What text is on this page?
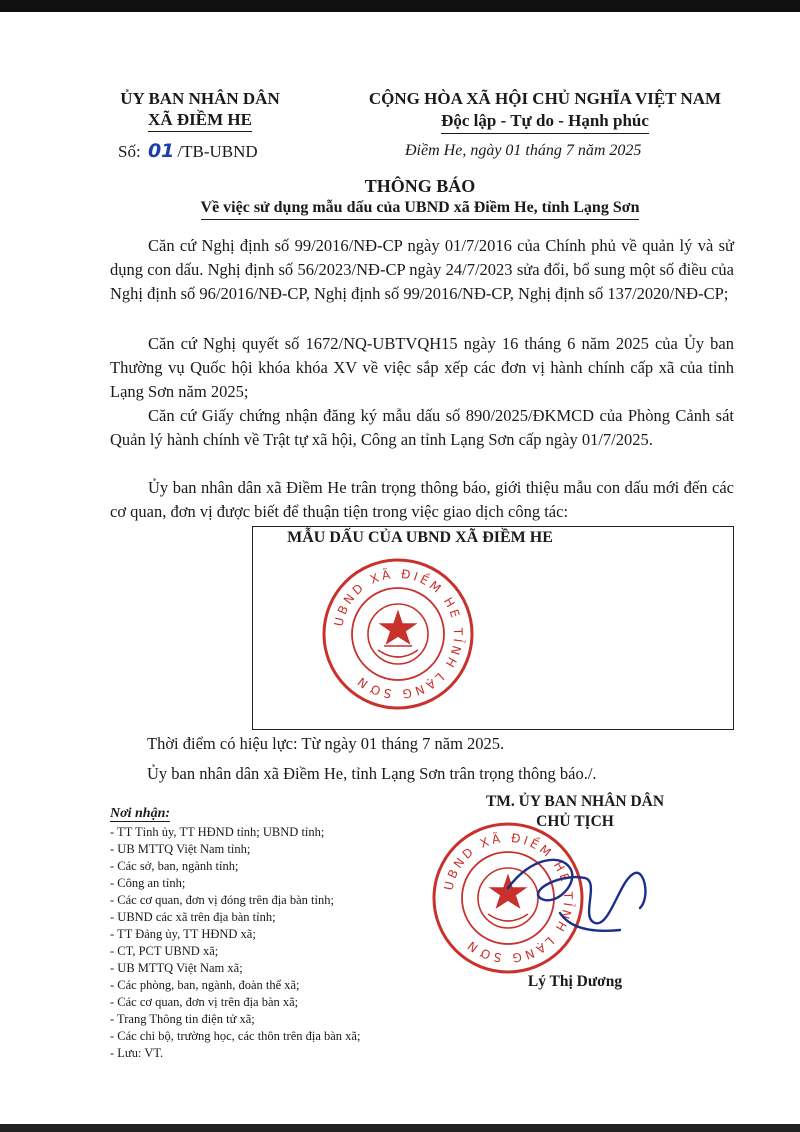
ỦY BAN NHÂN DÂN
XÃ ĐIỀM HE
CỘNG HÒA XÃ HỘI CHỦ NGHĨA VIỆT NAM
Độc lập - Tự do - Hạnh phúc
Số: 01 /TB-UBND	Điềm He, ngày 01 tháng 7 năm 2025
THÔNG BÁO
Về việc sử dụng mẫu dấu của UBND xã Điềm He, tỉnh Lạng Sơn

Căn cứ Nghị định số 99/2016/NĐ-CP ngày 01/7/2016 của Chính phủ về quản lý và sử dụng con dấu. Nghị định số 56/2023/NĐ-CP ngày 24/7/2023 sửa đổi, bổ sung một số điều của Nghị định số 96/2016/NĐ-CP, Nghị định số 99/2016/NĐ-CP, Nghị định số 137/2020/NĐ-CP;

Căn cứ Nghị quyết số 1672/NQ-UBTVQH15 ngày 16 tháng 6 năm 2025 của Ủy ban Thường vụ Quốc hội khóa khóa XV về việc sắp xếp các đơn vị hành chính cấp xã của tỉnh Lạng Sơn năm 2025;

Căn cứ Giấy chứng nhận đăng ký mẫu dấu số 890/2025/ĐKMCD của Phòng Cảnh sát Quản lý hành chính về Trật tự xã hội, Công an tỉnh Lạng Sơn cấp ngày 01/7/2025.

Ủy ban nhân dân xã Điềm He trân trọng thông báo, giới thiệu mẫu con dấu mới đến các cơ quan, đơn vị được biết để thuận tiện trong việc giao dịch công tác:

MẪU DẤU CỦA UBND XÃ ĐIỀM HE
UBND XÃ ĐIỀM HE TỈNH LẠNG SƠN
Thời điểm có hiệu lực: Từ ngày 01 tháng 7 năm 2025.
Ủy ban nhân dân xã Điềm He, tỉnh Lạng Sơn trân trọng thông báo./.
TM. ỦY BAN NHÂN DÂN
CHỦ TỊCH
UBND XÃ ĐIỀM HE TỈNH LẠNG SƠN
Lý Thị Dương
Nơi nhận:
- TT Tỉnh ủy, TT HĐND tỉnh; UBND tỉnh;
- UB MTTQ Việt Nam tỉnh;
- Các sở, ban, ngành tỉnh;
- Công an tỉnh;
- Các cơ quan, đơn vị đóng trên địa bàn tỉnh;
- UBND các xã trên địa bàn tỉnh;
- TT Đảng ủy, TT HĐND xã;
- CT, PCT UBND xã;
- UB MTTQ Việt Nam xã;
- Các phòng, ban, ngành, đoàn thể xã;
- Các cơ quan, đơn vị trên địa bàn xã;
- Trang Thông tin điện tử xã;
- Các chi bộ, trường học, các thôn trên địa bàn xã;
- Lưu: VT.
